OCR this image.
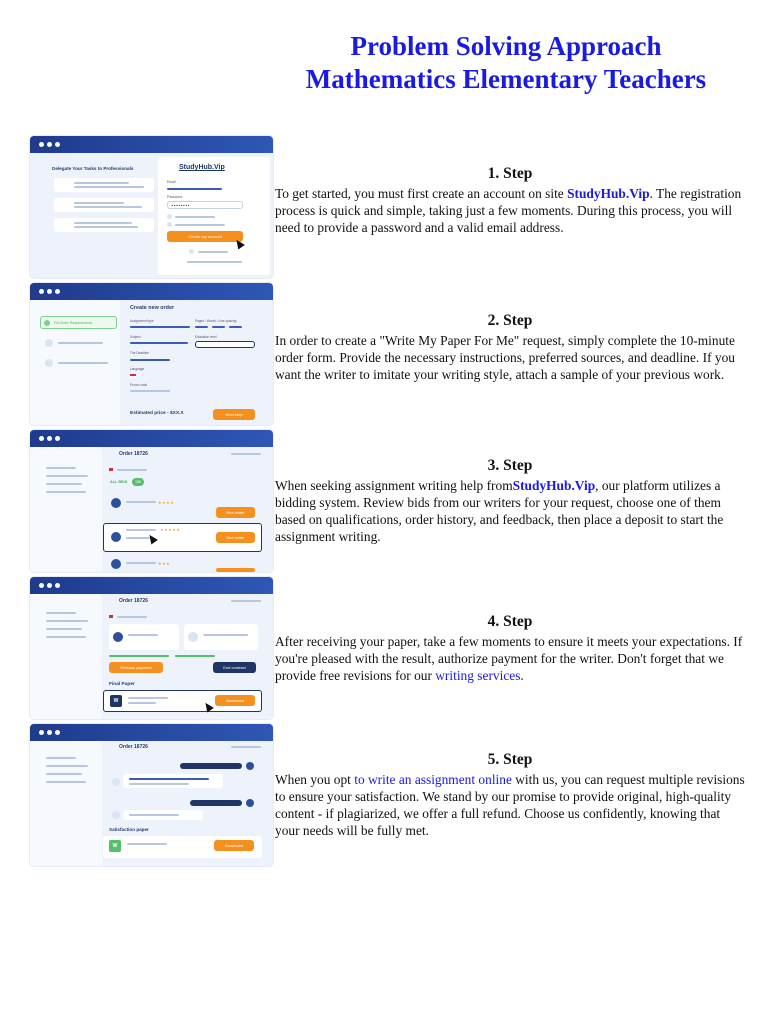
Problem Solving Approach
Mathematics Elementary Teachers
Delegate Your Tasks to Professionals	StudyHub.Vip
Email
Password
••••••••
Create my account
Fill Order Requirements
Create new order
Assignment type	Pages / Words / Line spacing
Subject	Education level
The Deadline
Language
Promo code
Estimated price - $XX.X	Next step
Order 18726
ALL BIDS	155
★★★★
Hire writer
★★★★★
Hire writer
★★★
Order 18726
Release payment	End contract
Final Paper
W	Download
Order 18726
Satisfaction paper
W	Download
1. Step

To get started, you must first create an account on site StudyHub.Vip. The registration process is quick and simple, taking just a few moments. During this process, you will need to provide a password and a valid email address.

2. Step

In order to create a "Write My Paper For Me" request, simply complete the 10-minute order form. Provide the necessary instructions, preferred sources, and deadline. If you want the writer to imitate your writing style, attach a sample of your previous work.

3. Step

When seeking assignment writing help fromStudyHub.Vip, our platform utilizes a bidding system. Review bids from our writers for your request, choose one of them based on qualifications, order history, and feedback, then place a deposit to start the assignment writing.

4. Step

After receiving your paper, take a few moments to ensure it meets your expectations. If you're pleased with the result, authorize payment for the writer. Don't forget that we provide free revisions for our writing services.

5. Step

When you opt to write an assignment online with us, you can request multiple revisions to ensure your satisfaction. We stand by our promise to provide original, high-quality content - if plagiarized, we offer a full refund. Choose us confidently, knowing that your needs will be fully met.
